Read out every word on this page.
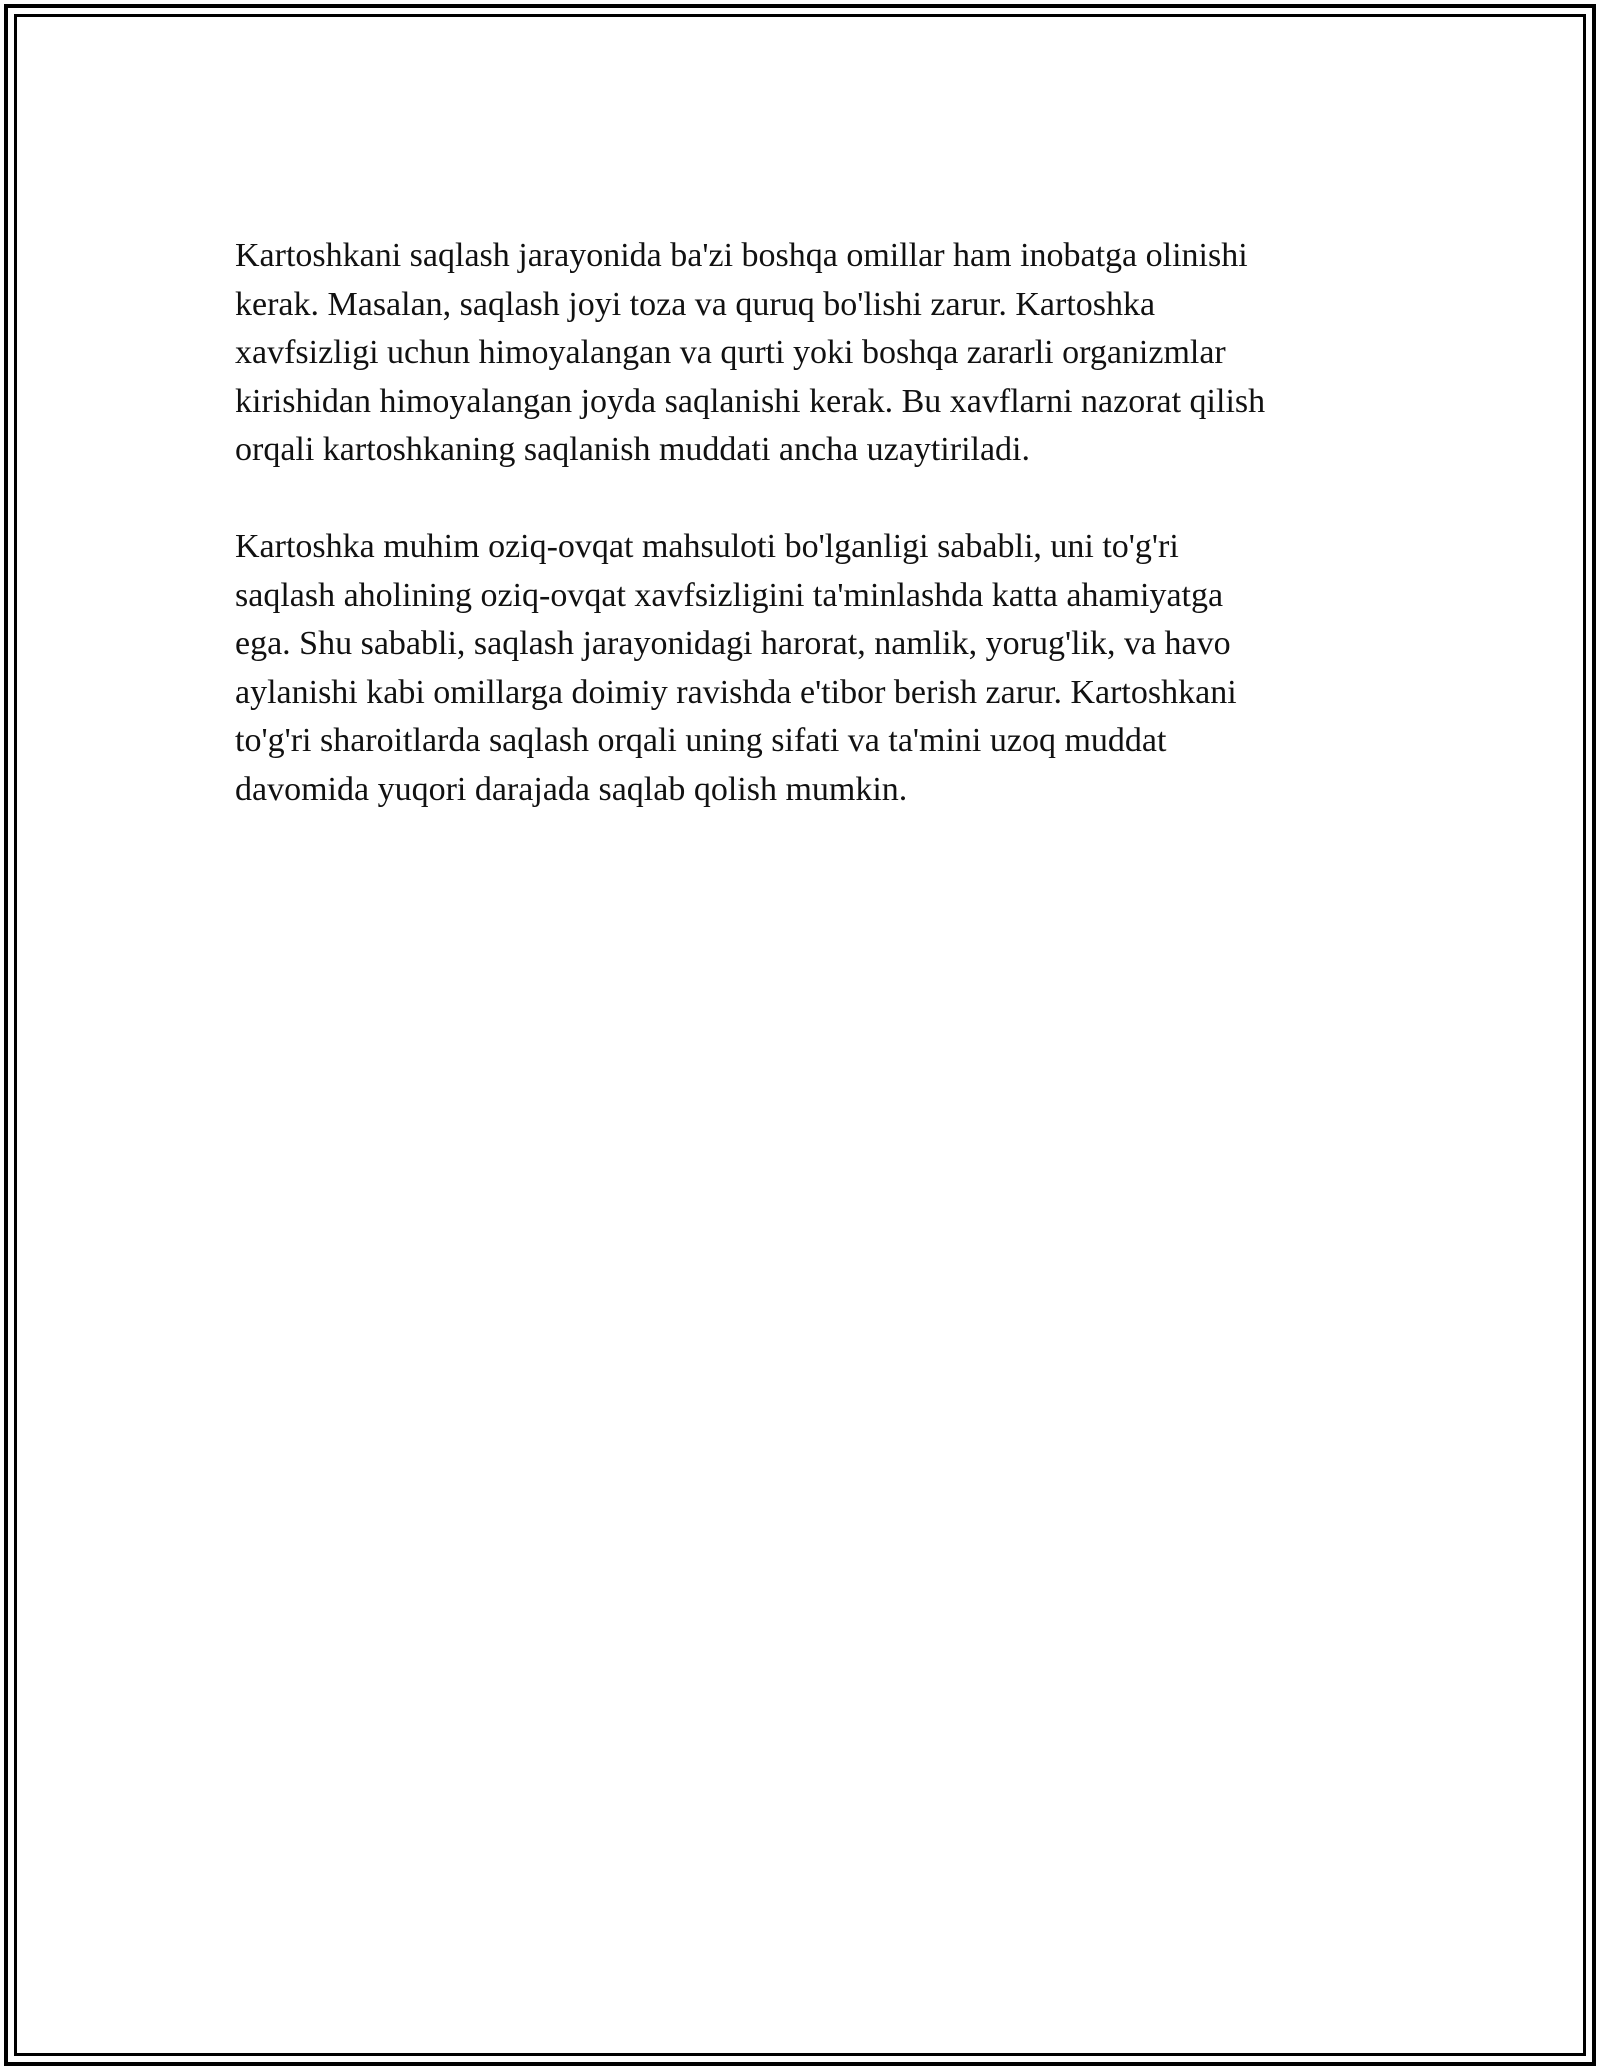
Kartoshkani saqlash jarayonida ba'zi boshqa omillar ham inobatga olinishi
kerak. Masalan, saqlash joyi toza va quruq bo'lishi zarur. Kartoshka
xavfsizligi uchun himoyalangan va qurti yoki boshqa zararli organizmlar
kirishidan himoyalangan joyda saqlanishi kerak. Bu xavflarni nazorat qilish
orqali kartoshkaning saqlanish muddati ancha uzaytiriladi.

Kartoshka muhim oziq-ovqat mahsuloti bo'lganligi sababli, uni to'g'ri
saqlash aholining oziq-ovqat xavfsizligini ta'minlashda katta ahamiyatga
ega. Shu sababli, saqlash jarayonidagi harorat, namlik, yorug'lik, va havo
aylanishi kabi omillarga doimiy ravishda e'tibor berish zarur. Kartoshkani
to'g'ri sharoitlarda saqlash orqali uning sifati va ta'mini uzoq muddat
davomida yuqori darajada saqlab qolish mumkin.
